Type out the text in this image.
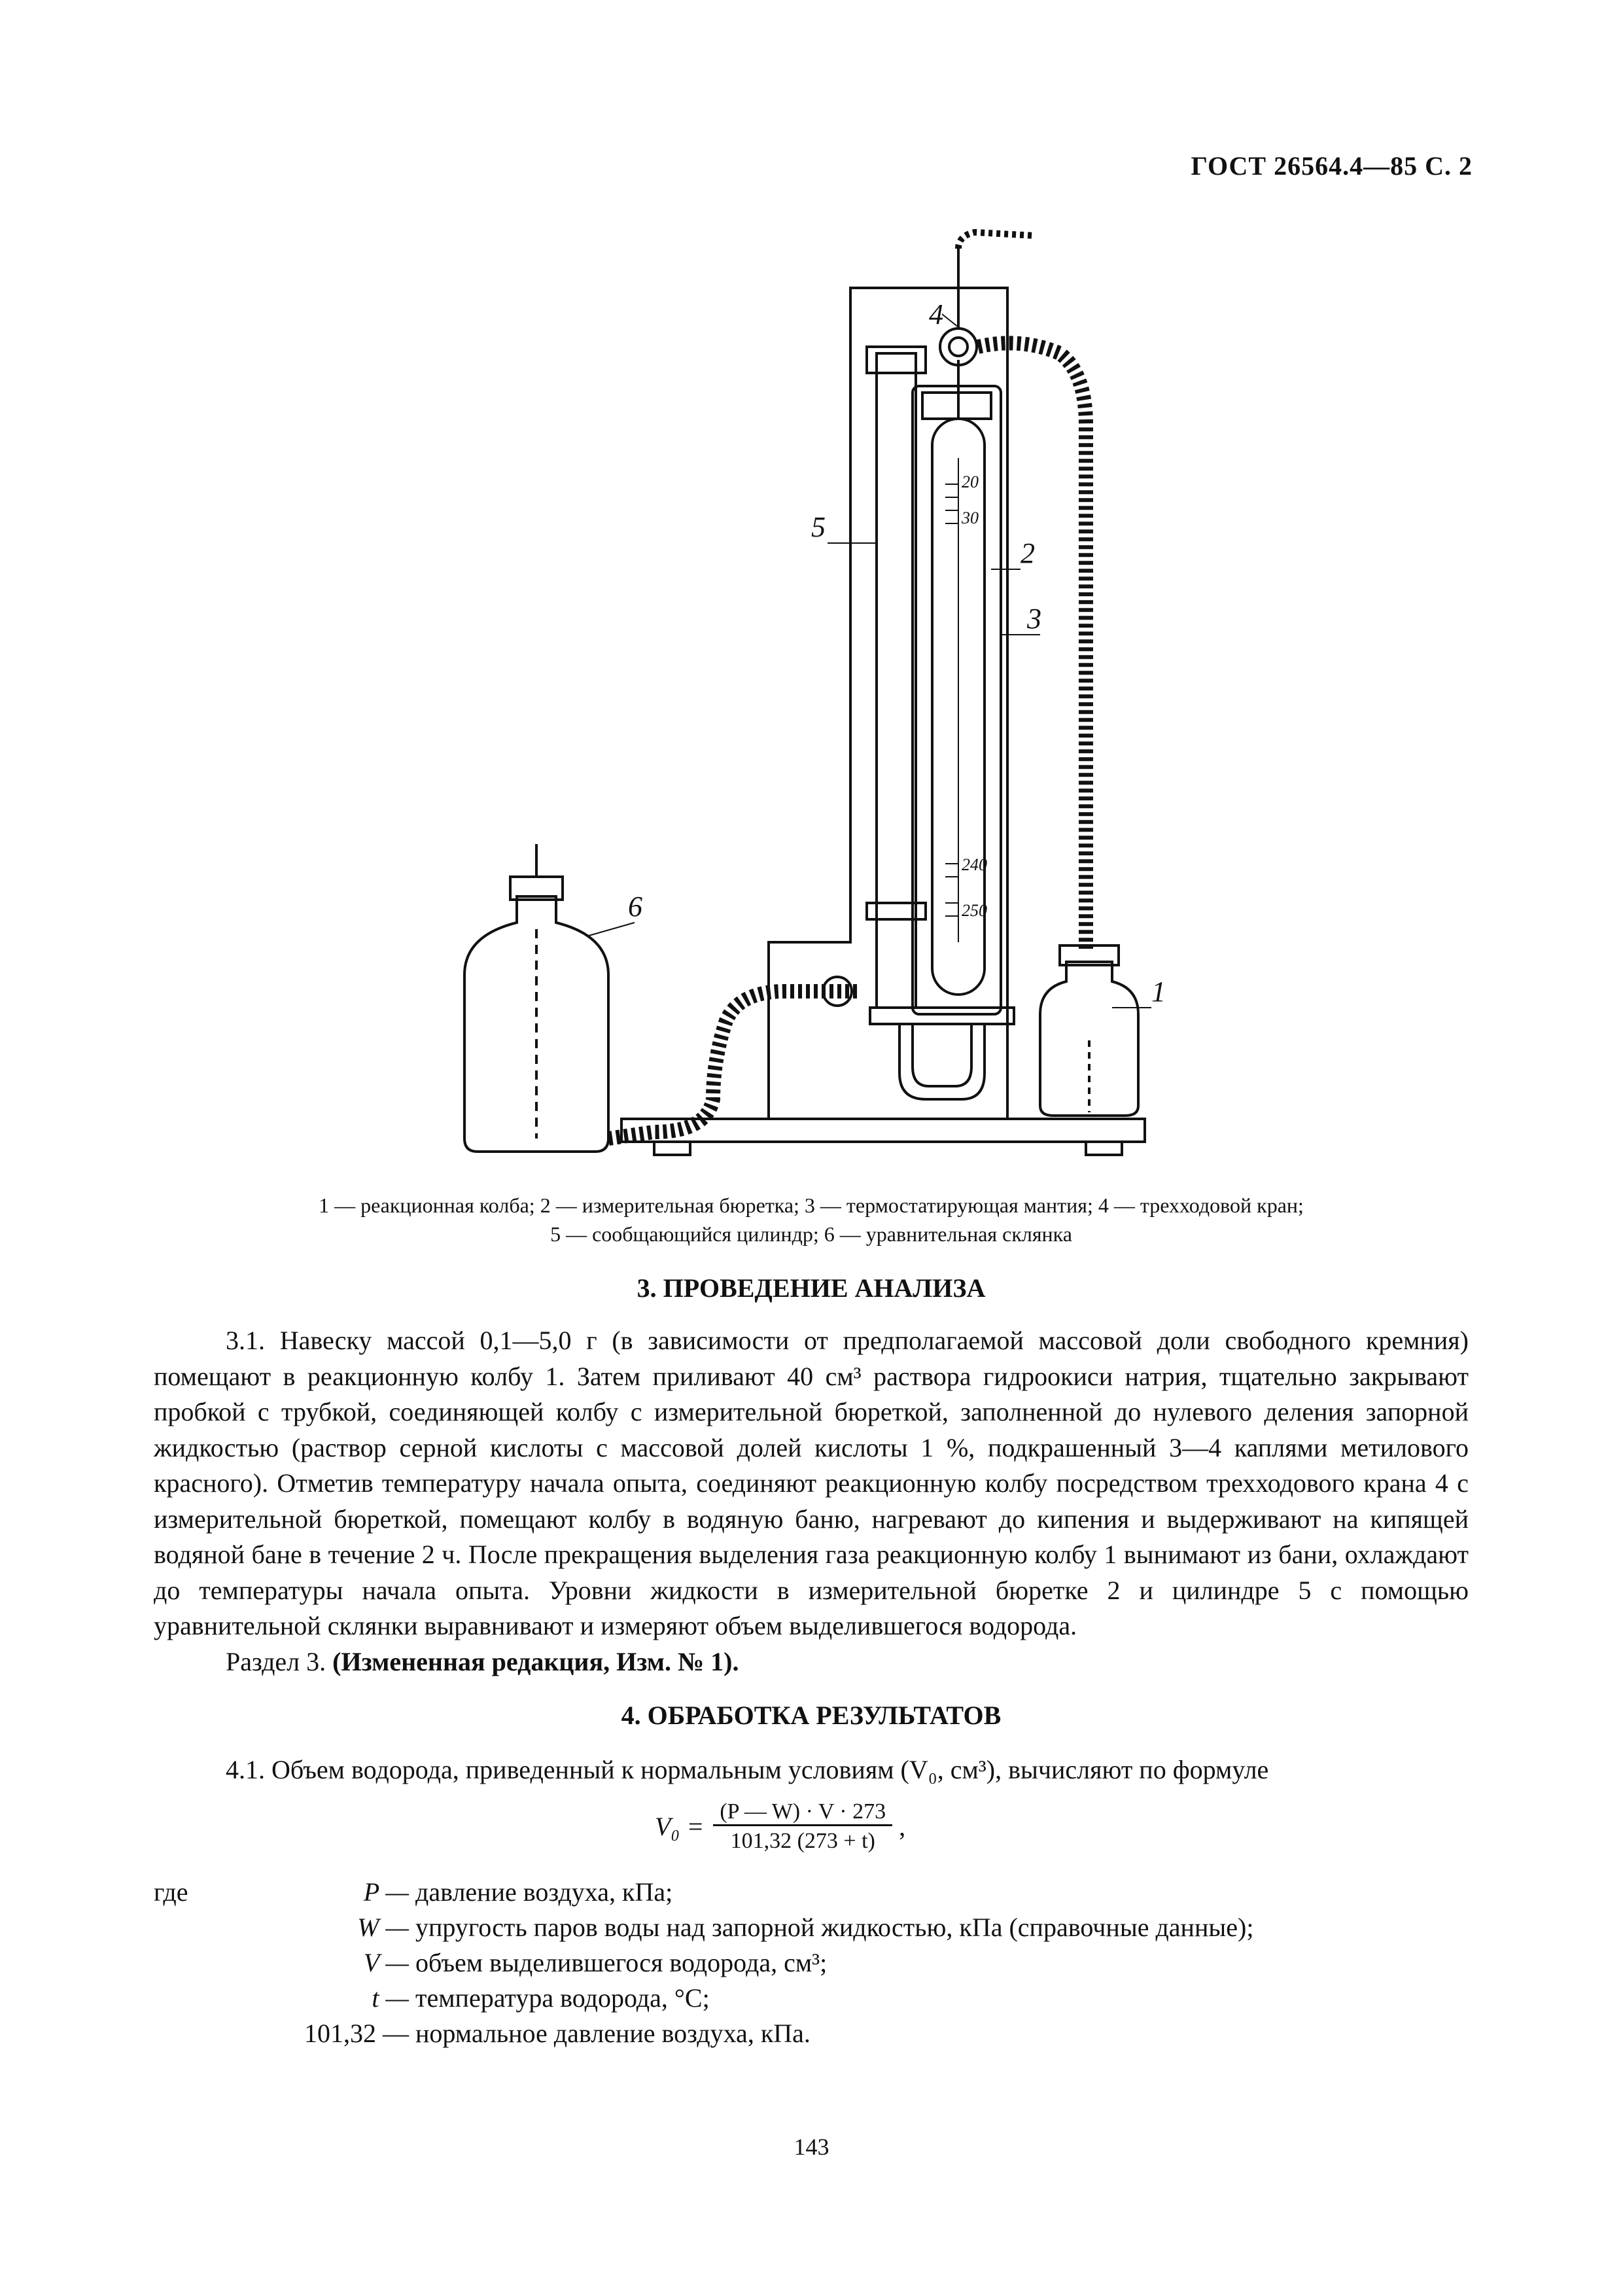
ГОСТ 26564.4—85 С. 2
5
2
3
4
1
6
20
30
240
250
1 — реакционная колба; 2 — измерительная бюретка; 3 — термостатирующая мантия; 4 — трехходовой кран;
5 — сообщающийся цилиндр; 6 — уравнительная склянка
3. ПРОВЕДЕНИЕ АНАЛИЗА

3.1. Навеску массой 0,1—5,0 г (в зависимости от предполагаемой массовой доли свободного кремния) помещают в реакционную колбу 1. Затем приливают 40 см³ раствора гидроокиси натрия, тщательно закрывают пробкой с трубкой, соединяющей колбу с измерительной бюреткой, заполненной до нулевого деления запорной жидкостью (раствор серной кислоты с массовой долей кислоты 1 %, подкрашенный 3—4 каплями метилового красного). Отметив температуру начала опыта, соединяют реакционную колбу посредством трехходового крана 4 с измерительной бюреткой, помещают колбу в водяную баню, нагревают до кипения и выдерживают на кипящей водяной бане в течение 2 ч. После прекращения выделения газа реакционную колбу 1 вынимают из бани, охлаждают до температуры начала опыта. Уровни жидкости в измерительной бюретке 2 и цилиндре 5 с помощью уравнительной склянки выравнивают и измеряют объем выделившегося водорода.

Раздел 3. (Измененная редакция, Изм. № 1).

4. ОБРАБОТКА РЕЗУЛЬТАТОВ

4.1. Объем водорода, приведенный к нормальным условиям (V₀, см³), вычисляют по формуле

V₀ =	(P — W) · V · 273	,
101,32 (273 + t)
где	P — давление воздуха, кПа;
W — упругость паров воды над запорной жидкостью, кПа (справочные данные);
V — объем выделившегося водорода, см³;
t — температура водорода, °С;
101,32 — нормальное давление воздуха, кПа.
143
